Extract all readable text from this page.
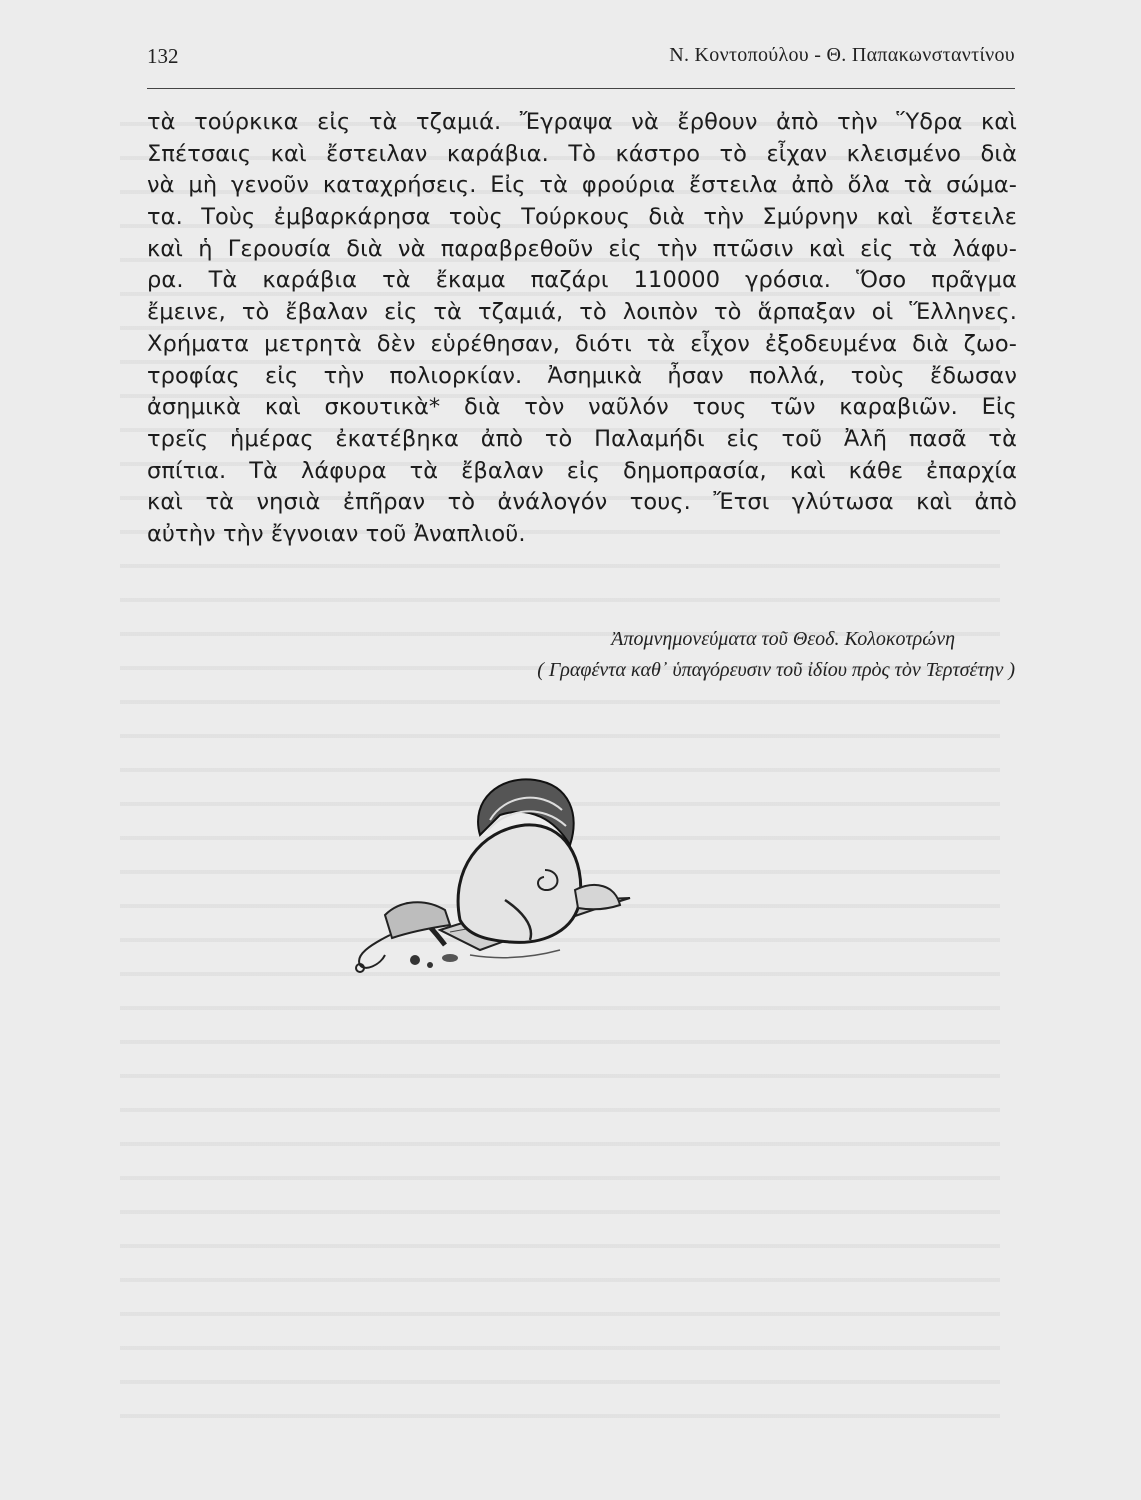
132	Ν. Κοντοπούλου - Θ. Παπακωνσταντίνου
τὰ τούρκικα εἰς τὰ τζαμιά. Ἔγραψα νὰ ἔρθουν ἀπὸ τὴν Ὕδρα καὶ
Σπέτσαις καὶ ἔστειλαν καράβια. Τὸ κάστρο τὸ εἶχαν κλεισμένο διὰ
νὰ μὴ γενοῦν καταχρήσεις. Εἰς τὰ φρούρια ἔστειλα ἀπὸ ὅλα τὰ σώμα-
τα. Τοὺς ἐμβαρκάρησα τοὺς Τούρκους διὰ τὴν Σμύρνην καὶ ἔστειλε
καὶ ἡ Γερουσία διὰ νὰ παραβρεθοῦν εἰς τὴν πτῶσιν καὶ εἰς τὰ λάφυ-
ρα. Τὰ καράβια τὰ ἔκαμα παζάρι 110000 γρόσια. Ὅσο πρᾶγμα
ἔμεινε, τὸ ἔβαλαν εἰς τὰ τζαμιά, τὸ λοιπὸν τὸ ἅρπαξαν οἱ Ἕλληνες.
Χρήματα μετρητὰ δὲν εὑρέθησαν, διότι τὰ εἶχον ἐξοδευμένα διὰ ζωο-
τροφίας εἰς τὴν πολιορκίαν. Ἀσημικὰ ἦσαν πολλά, τοὺς ἔδωσαν
ἀσημικὰ καὶ σκουτικὰ* διὰ τὸν ναῦλόν τους τῶν καραβιῶν. Εἰς
τρεῖς ἡμέρας ἐκατέβηκα ἀπὸ τὸ Παλαμήδι εἰς τοῦ Ἀλῆ πασᾶ τὰ
σπίτια. Τὰ λάφυρα τὰ ἔβαλαν εἰς δημοπρασία, καὶ κάθε ἐπαρχία
καὶ τὰ νησιὰ ἐπῆραν τὸ ἀνάλογόν τους. Ἔτσι γλύτωσα καὶ ἀπὸ
αὐτὴν τὴν ἔγνοιαν τοῦ Ἀναπλιοῦ.
Ἀπομνημονεύματα τοῦ Θεοδ. Κολοκοτρώνη
( Γραφέντα καθ᾽ ὑπαγόρευσιν τοῦ ἰδίου πρὸς τὸν Τερτσέτην )
